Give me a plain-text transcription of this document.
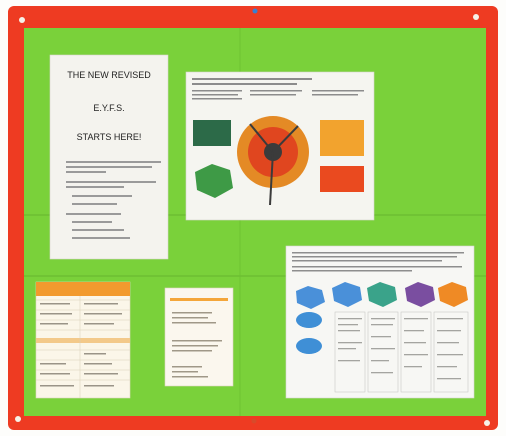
THE NEW REVISED

E.Y.F.S.

STARTS HERE!
